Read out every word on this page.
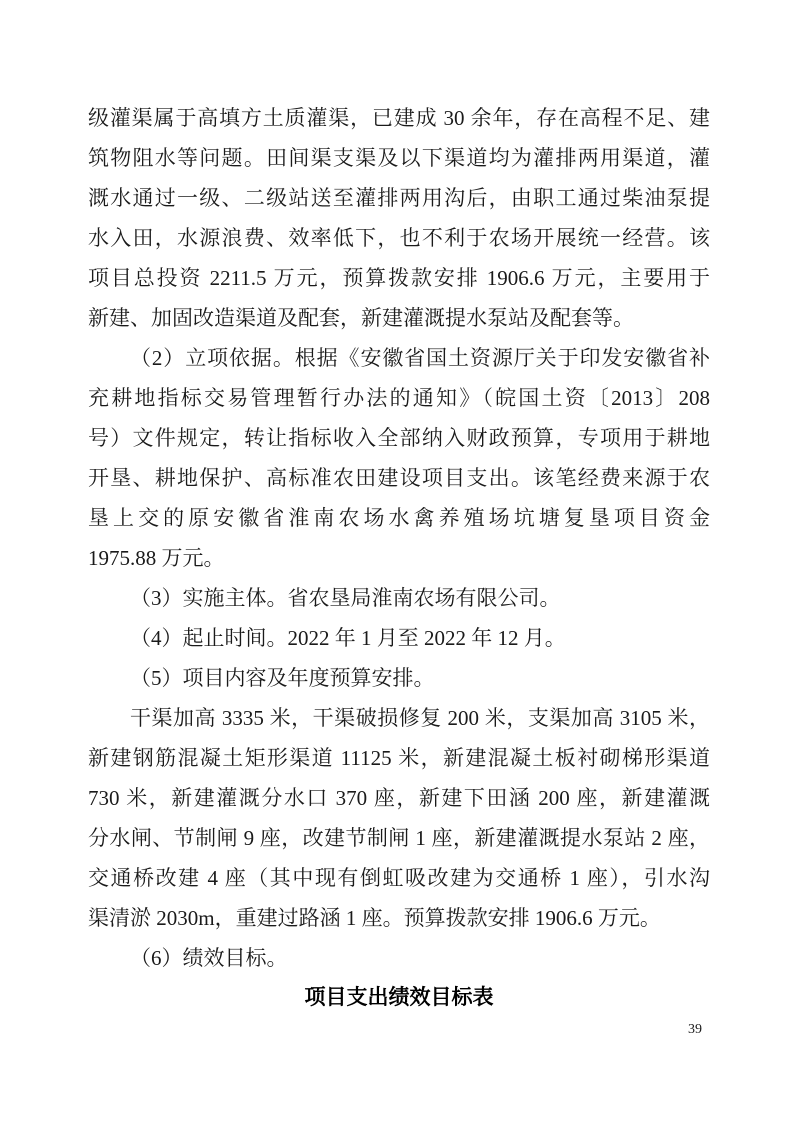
级灌渠属于高填方土质灌渠，已建成 30 余年，存在高程不足、建
筑物阻水等问题。田间渠支渠及以下渠道均为灌排两用渠道，灌
溉水通过一级、二级站送至灌排两用沟后，由职工通过柴油泵提
水入田，水源浪费、效率低下，也不利于农场开展统一经营。该
项目总投资 2211.5 万元，预算拨款安排 1906.6 万元，主要用于
新建、加固改造渠道及配套，新建灌溉提水泵站及配套等。
（2）立项依据。根据《安徽省国土资源厅关于印发安徽省补
充耕地指标交易管理暂行办法的通知》（皖国土资〔2013〕208
号）文件规定，转让指标收入全部纳入财政预算，专项用于耕地
开垦、耕地保护、高标准农田建设项目支出。该笔经费来源于农
垦上交的原安徽省淮南农场水禽养殖场坑塘复垦项目资金
1975.88 万元。
（3）实施主体。省农垦局淮南农场有限公司。
（4）起止时间。2022 年 1 月至 2022 年 12 月。
（5）项目内容及年度预算安排。
干渠加高 3335 米，干渠破损修复 200 米，支渠加高 3105 米，
新建钢筋混凝土矩形渠道 11125 米，新建混凝土板衬砌梯形渠道
730 米，新建灌溉分水口 370 座，新建下田涵 200 座，新建灌溉
分水闸、节制闸 9 座，改建节制闸 1 座，新建灌溉提水泵站 2 座，
交通桥改建 4 座（其中现有倒虹吸改建为交通桥 1 座），引水沟
渠清淤 2030m，重建过路涵 1 座。预算拨款安排 1906.6 万元。
（6）绩效目标。
项目支出绩效目标表
39
